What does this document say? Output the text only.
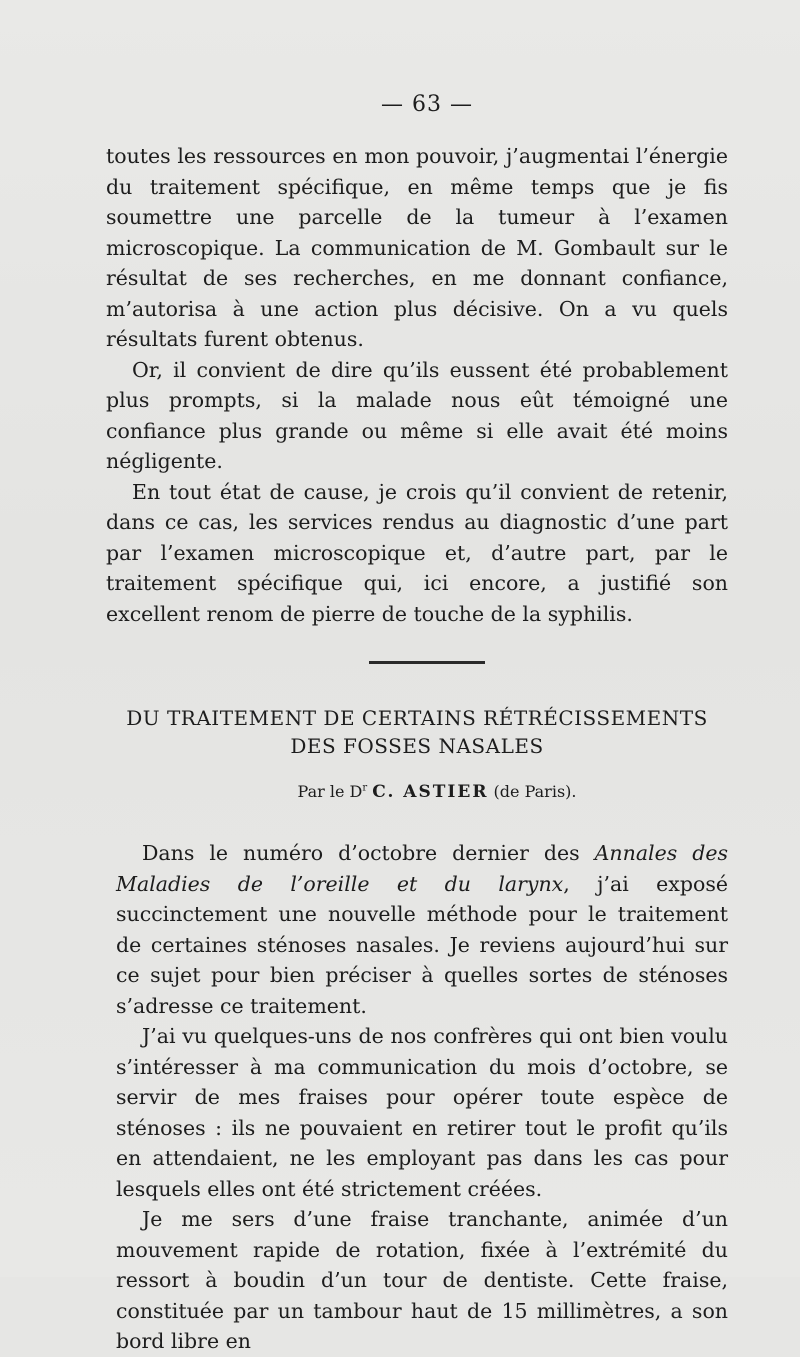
— 63 —

toutes les ressources en mon pouvoir, j’augmentai l’énergie du traitement spécifique, en même temps que je fis soumettre une parcelle de la tumeur à l’examen microscopique. La communication de M. Gombault sur le résultat de ses recherches, en me donnant confiance, m’autorisa à une action plus décisive. On a vu quels résultats furent obtenus.

Or, il convient de dire qu’ils eussent été probablement plus prompts, si la malade nous eût témoigné une confiance plus grande ou même si elle avait été moins négligente.

En tout état de cause, je crois qu’il convient de retenir, dans ce cas, les services rendus au diagnostic d’une part par l’examen microscopique et, d’autre part, par le traitement spécifique qui, ici encore, a justifié son excellent renom de pierre de touche de la syphilis.

DU TRAITEMENT DE CERTAINS RÉTRÉCISSEMENTS
DES FOSSES NASALES
Par le $D^r$ C. ASTIER (de Paris).

Dans le numéro d’octobre dernier des Annales des Maladies de l’oreille et du larynx, j’ai exposé succinctement une nouvelle méthode pour le traitement de certaines sténoses nasales. Je reviens aujourd’hui sur ce sujet pour bien préciser à quelles sortes de sténoses s’adresse ce traitement.

J’ai vu quelques-uns de nos confrères qui ont bien voulu s’intéresser à ma communication du mois d’octobre, se servir de mes fraises pour opérer toute espèce de sténoses : ils ne pouvaient en retirer tout le profit qu’ils en attendaient, ne les employant pas dans les cas pour lesquels elles ont été strictement créées.

Je me sers d’une fraise tranchante, animée d’un mouvement rapide de rotation, fixée à l’extrémité du ressort à boudin d’un tour de dentiste. Cette fraise, constituée par un tambour haut de 15 millimètres, a son bord libre en
